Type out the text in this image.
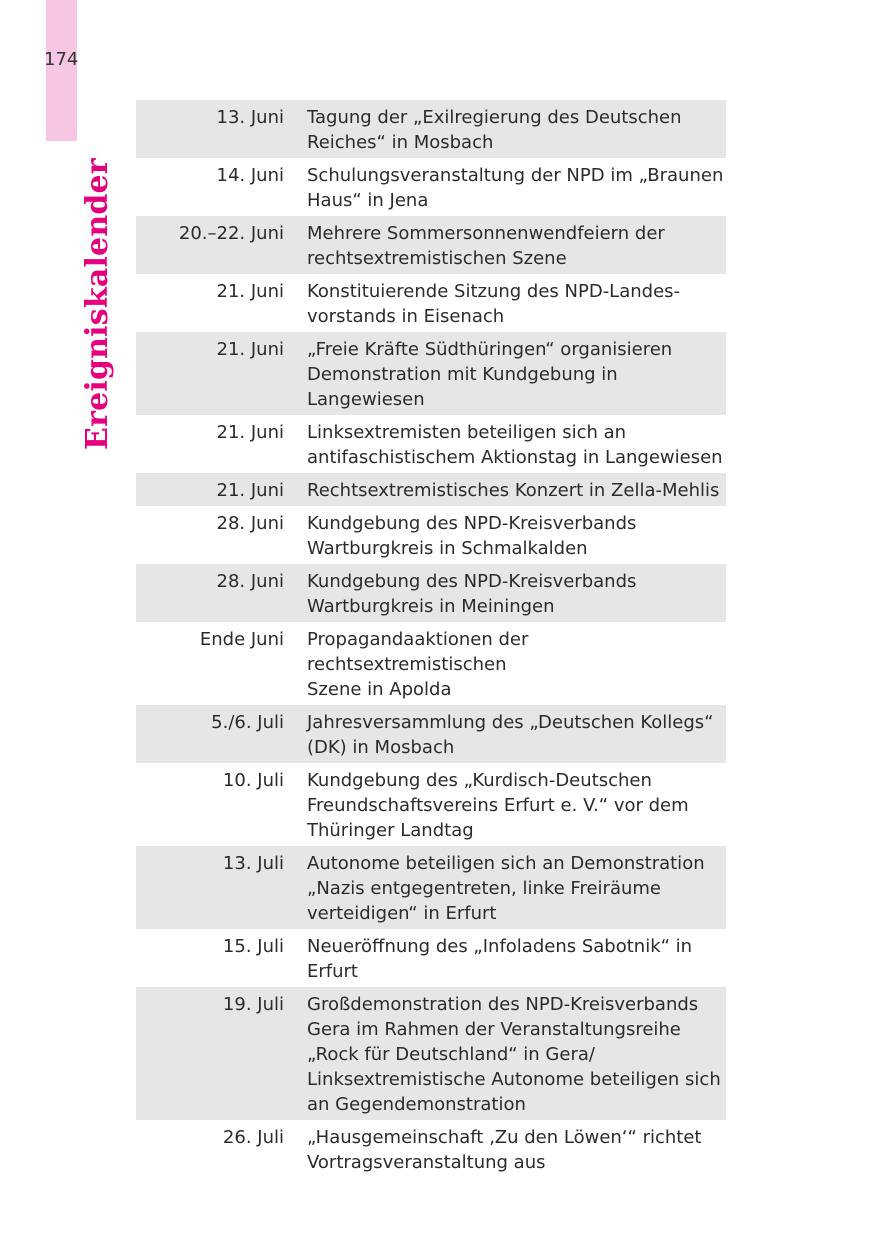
174
Ereigniskalender
13. Juni Tagung der „Exilregierung des Deutschen
Reiches“ in Mosbach
14. Juni Schulungsveranstaltung der NPD im „Braunen
Haus“ in Jena
20.–22. Juni Mehrere Sommersonnenwendfeiern der
rechtsextremistischen Szene
21. Juni Konstituierende Sitzung des NPD-Landes-
vorstands in Eisenach
21. Juni „Freie Kräfte Südthüringen“ organisieren
Demonstration mit Kundgebung in
Langewiesen
21. Juni Linksextremisten beteiligen sich an
antifaschistischem Aktionstag in Langewiesen
21. Juni Rechtsextremistisches Konzert in Zella-Mehlis
28. Juni Kundgebung des NPD-Kreisverbands
Wartburgkreis in Schmalkalden
28. Juni Kundgebung des NPD-Kreisverbands
Wartburgkreis in Meiningen
Ende Juni Propagandaaktionen der rechtsextremistischen
Szene in Apolda
5./6. Juli Jahresversammlung des „Deutschen Kollegs“
(DK) in Mosbach
10. Juli Kundgebung des „Kurdisch-Deutschen
Freundschaftsvereins Erfurt e. V.“ vor dem
Thüringer Landtag
13. Juli Autonome beteiligen sich an Demonstration
„Nazis entgegentreten, linke Freiräume
verteidigen“ in Erfurt
15. Juli Neueröffnung des „Infoladens Sabotnik“ in
Erfurt
19. Juli Großdemonstration des NPD-Kreisverbands
Gera im Rahmen der Veranstaltungsreihe
„Rock für Deutschland“ in Gera/
Linksextremistische Autonome beteiligen sich
an Gegendemonstration
26. Juli „Hausgemeinschaft ‚Zu den Löwen‘“ richtet
Vortragsveranstaltung aus
